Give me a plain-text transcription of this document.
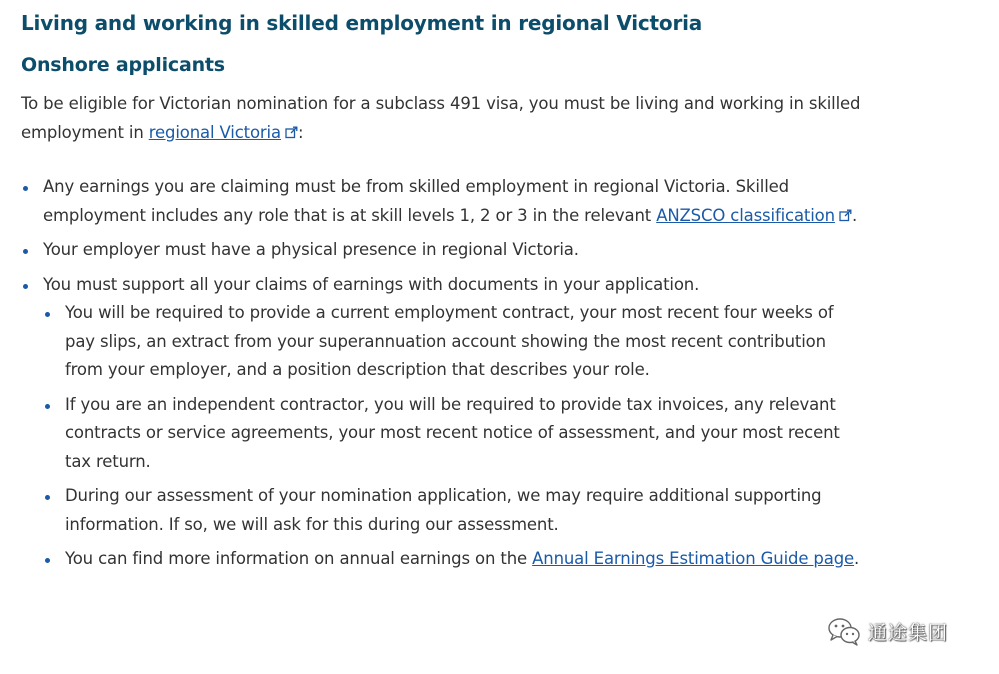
Living and working in skilled employment in regional Victoria
Onshore applicants

To be eligible for Victorian nomination for a subclass 491 visa, you must be living and working in skilled employment in regional Victoria :

Any earnings you are claiming must be from skilled employment in regional Victoria. Skilled employment includes any role that is at skill levels 1, 2 or 3 in the relevant ANZSCO classification .
Your employer must have a physical presence in regional Victoria.
You must support all your claims of earnings with documents in your application.
You will be required to provide a current employment contract, your most recent four weeks of pay slips, an extract from your superannuation account showing the most recent contribution from your employer, and a position description that describes your role.
If you are an independent contractor, you will be required to provide tax invoices, any relevant contracts or service agreements, your most recent notice of assessment, and your most recent tax return.
During our assessment of your nomination application, we may require additional supporting information. If so, we will ask for this during our assessment.
You can find more information on annual earnings on the Annual Earnings Estimation Guide page.
通途集团
